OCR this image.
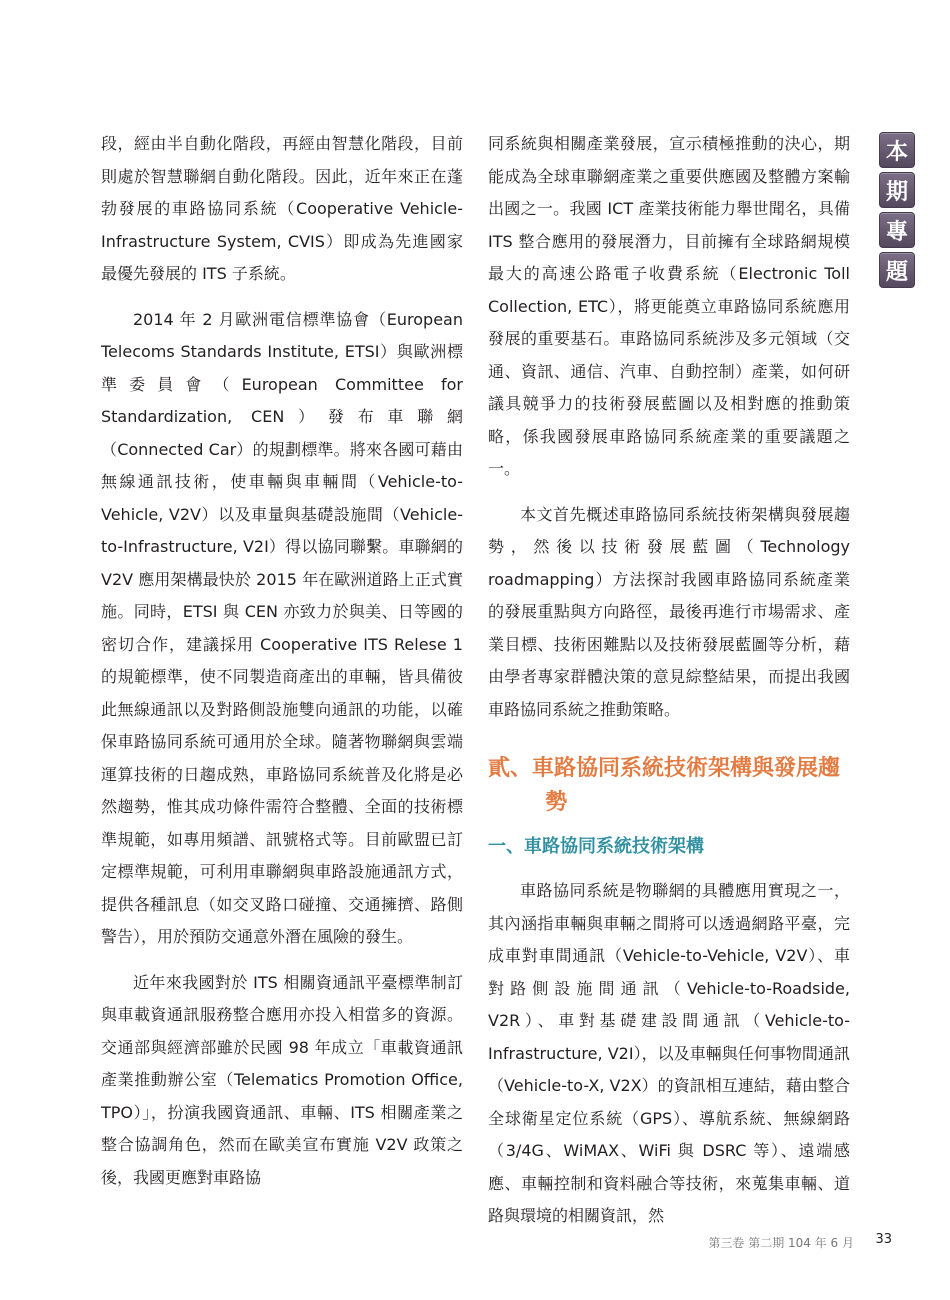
段，經由半自動化階段，再經由智慧化階段，目前則處於智慧聯網自動化階段。因此，近年來正在蓬勃發展的車路協同系統（Cooperative Vehicle-Infrastructure System, CVIS）即成為先進國家最優先發展的 ITS 子系統。

2014 年 2 月歐洲電信標準協會（European Telecoms Standards Institute, ETSI）與歐洲標準委員會（European Committee for Standardization, CEN）發布車聯網（Connected Car）的規劃標準。將來各國可藉由無線通訊技術，使車輛與車輛間（Vehicle-to-Vehicle, V2V）以及車量與基礎設施間（Vehicle-to-Infrastructure, V2I）得以協同聯繫。車聯網的 V2V 應用架構最快於 2015 年在歐洲道路上正式實施。同時，ETSI 與 CEN 亦致力於與美、日等國的密切合作，建議採用 Cooperative ITS Relese 1 的規範標準，使不同製造商產出的車輛，皆具備彼此無線通訊以及對路側設施雙向通訊的功能，以確保車路協同系統可通用於全球。隨著物聯網與雲端運算技術的日趨成熟，車路協同系統普及化將是必然趨勢，惟其成功條件需符合整體、全面的技術標準規範，如專用頻譜、訊號格式等。目前歐盟已訂定標準規範，可利用車聯網與車路設施通訊方式，提供各種訊息（如交叉路口碰撞、交通擁擠、路側警告），用於預防交通意外潛在風險的發生。

近年來我國對於 ITS 相關資通訊平臺標準制訂與車載資通訊服務整合應用亦投入相當多的資源。交通部與經濟部雖於民國 98 年成立「車載資通訊產業推動辦公室（Telematics Promotion Office, TPO）」，扮演我國資通訊、車輛、ITS 相關產業之整合協調角色，然而在歐美宣布實施 V2V 政策之後，我國更應對車路協

同系統與相關產業發展，宣示積極推動的決心，期能成為全球車聯網產業之重要供應國及整體方案輸出國之一。我國 ICT 產業技術能力舉世聞名，具備 ITS 整合應用的發展潛力，目前擁有全球路網規模最大的高速公路電子收費系統（Electronic Toll Collection, ETC），將更能奠立車路協同系統應用發展的重要基石。車路協同系統涉及多元領域（交通、資訊、通信、汽車、自動控制）產業，如何研議具競爭力的技術發展藍圖以及相對應的推動策略，係我國發展車路協同系統產業的重要議題之一。

本文首先概述車路協同系統技術架構與發展趨勢，然後以技術發展藍圖（Technology roadmapping）方法探討我國車路協同系統產業的發展重點與方向路徑，最後再進行市場需求、產業目標、技術困難點以及技術發展藍圖等分析，藉由學者專家群體決策的意見綜整結果，而提出我國車路協同系統之推動策略。

貳、車路協同系統技術架構與發展趨勢

一、車路協同系統技術架構

車路協同系統是物聯網的具體應用實現之一，其內涵指車輛與車輛之間將可以透過網路平臺，完成車對車間通訊（Vehicle-to-Vehicle, V2V）、車對路側設施間通訊（Vehicle-to-Roadside, V2R）、車對基礎建設間通訊（Vehicle-to-Infrastructure, V2I），以及車輛與任何事物間通訊（Vehicle-to-X, V2X）的資訊相互連結，藉由整合全球衛星定位系統（GPS）、導航系統、無線網路（3/4G、WiMAX、WiFi 與 DSRC 等）、遠端感應、車輛控制和資料融合等技術，來蒐集車輛、道路與環境的相關資訊，然

本
期
專
題
第三卷 第二期 104 年 6 月 33
